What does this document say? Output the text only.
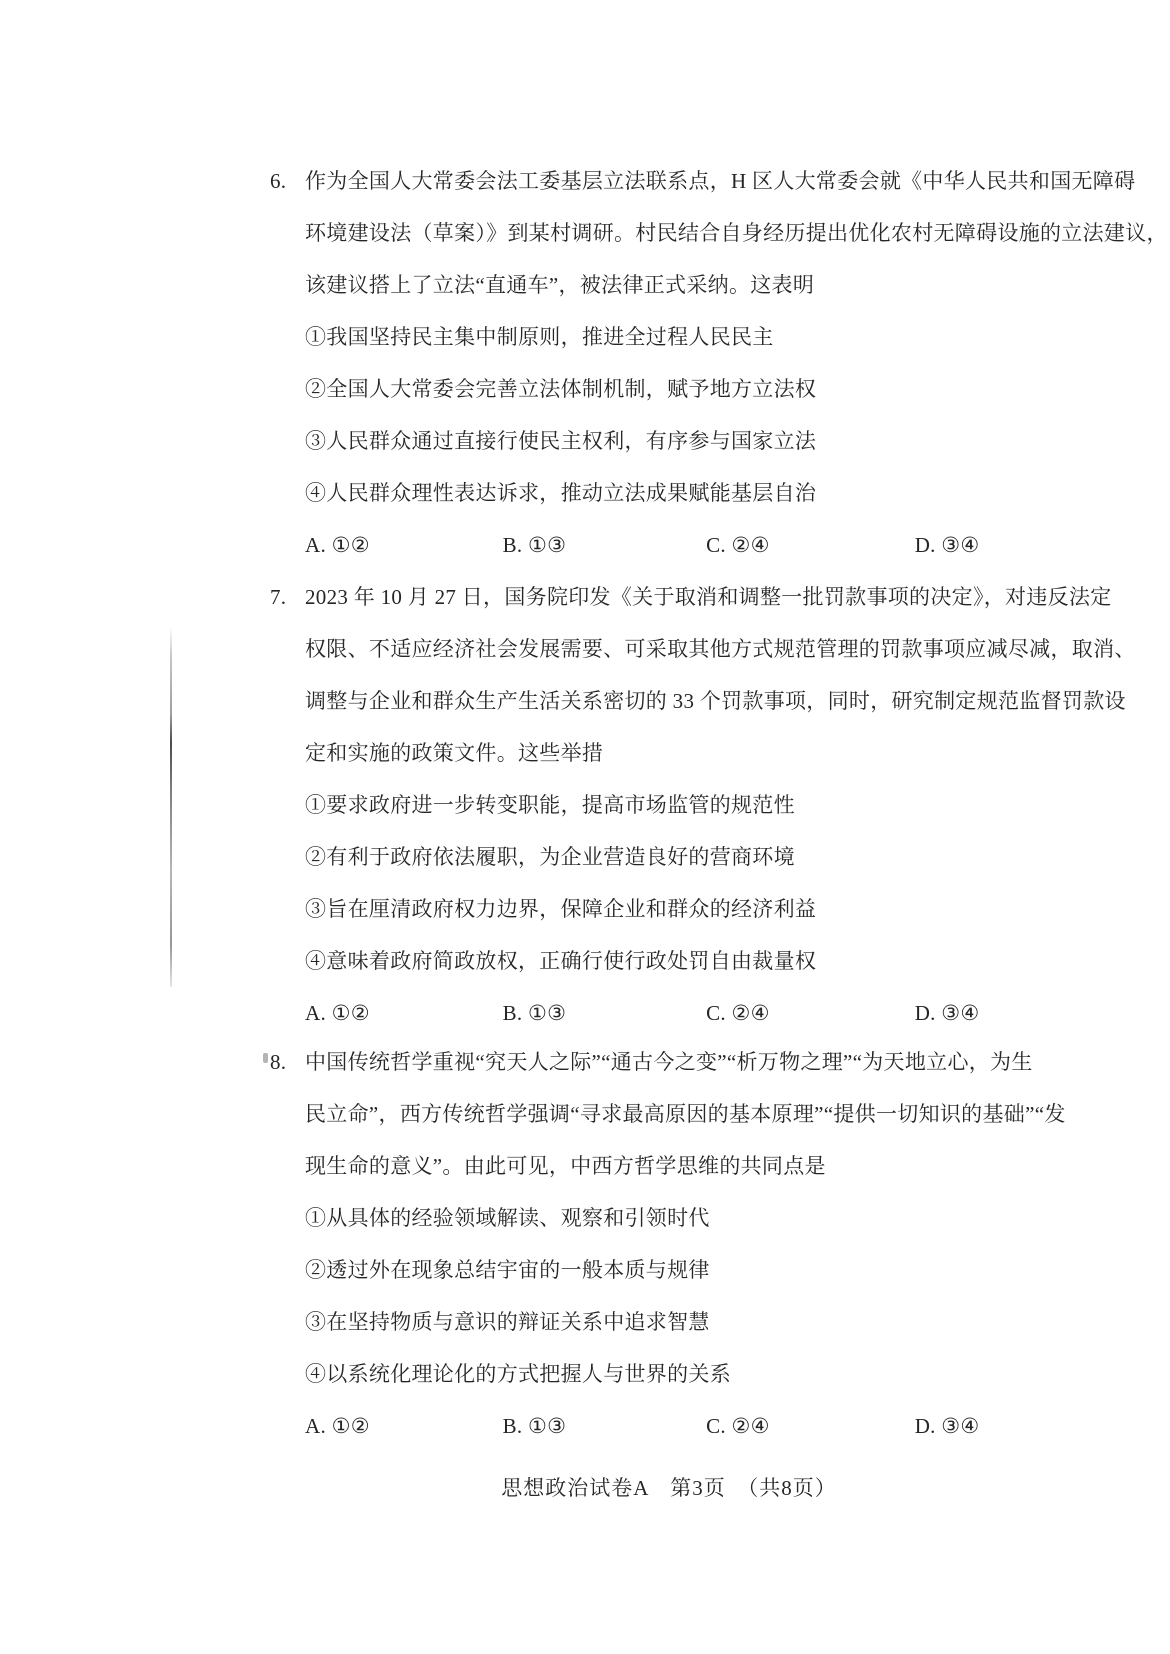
6. 作为全国人大常委会法工委基层立法联系点，H 区人大常委会就《中华人民共和国无障碍
环境建设法（草案）》到某村调研。村民结合自身经历提出优化农村无障碍设施的立法建议，
该建议搭上了立法“直通车”，被法律正式采纳。这表明
①我国坚持民主集中制原则，推进全过程人民民主
②全国人大常委会完善立法体制机制，赋予地方立法权
③人民群众通过直接行使民主权利，有序参与国家立法
④人民群众理性表达诉求，推动立法成果赋能基层自治
A. ①②	B. ①③	C. ②④	D. ③④
7. 2023 年 10 月 27 日，国务院印发《关于取消和调整一批罚款事项的决定》，对违反法定
权限、不适应经济社会发展需要、可采取其他方式规范管理的罚款事项应减尽减，取消、
调整与企业和群众生产生活关系密切的 33 个罚款事项，同时，研究制定规范监督罚款设
定和实施的政策文件。这些举措
①要求政府进一步转变职能，提高市场监管的规范性
②有利于政府依法履职，为企业营造良好的营商环境
③旨在厘清政府权力边界，保障企业和群众的经济利益
④意味着政府简政放权，正确行使行政处罚自由裁量权
A. ①②	B. ①③	C. ②④	D. ③④
8. 中国传统哲学重视“究天人之际”“通古今之变”“析万物之理”“为天地立心，为生
民立命”，西方传统哲学强调“寻求最高原因的基本原理”“提供一切知识的基础”“发
现生命的意义”。由此可见，中西方哲学思维的共同点是
①从具体的经验领域解读、观察和引领时代
②透过外在现象总结宇宙的一般本质与规律
③在坚持物质与意识的辩证关系中追求智慧
④以系统化理论化的方式把握人与世界的关系
A. ①②	B. ①③	C. ②④	D. ③④
思想政治试卷A　第3页　（共8页）
